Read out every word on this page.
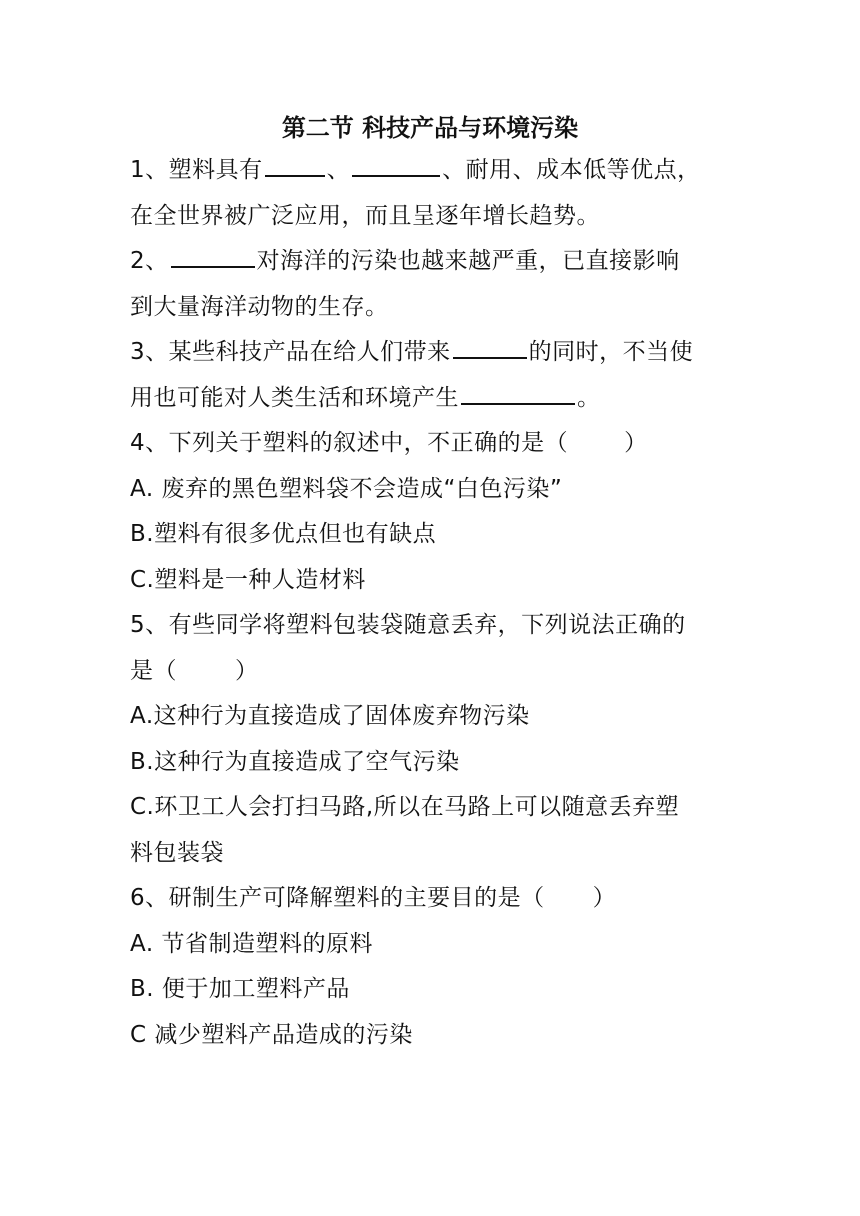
第二节 科技产品与环境污染
1、塑料具有	、	、耐用、成本低等优点，
在全世界被广泛应用，而且呈逐年增长趋势。
2、	对海洋的污染也越来越严重，已直接影响
到大量海洋动物的生存。
3、某些科技产品在给人们带来	的同时，不当使
用也可能对人类生活和环境产生	。
4、下列关于塑料的叙述中，不正确的是（ ）
A. 废弃的黑色塑料袋不会造成“白色污染”
B.塑料有很多优点但也有缺点
C.塑料是一种人造材料
5、有些同学将塑料包装袋随意丢弃，下列说法正确的
是（	）
A.这种行为直接造成了固体废弃物污染
B.这种行为直接造成了空气污染
C.环卫工人会打扫马路,所以在马路上可以随意丢弃塑
料包装袋
6、研制生产可降解塑料的主要目的是（ ）
A. 节省制造塑料的原料
B. 便于加工塑料产品
C 减少塑料产品造成的污染
